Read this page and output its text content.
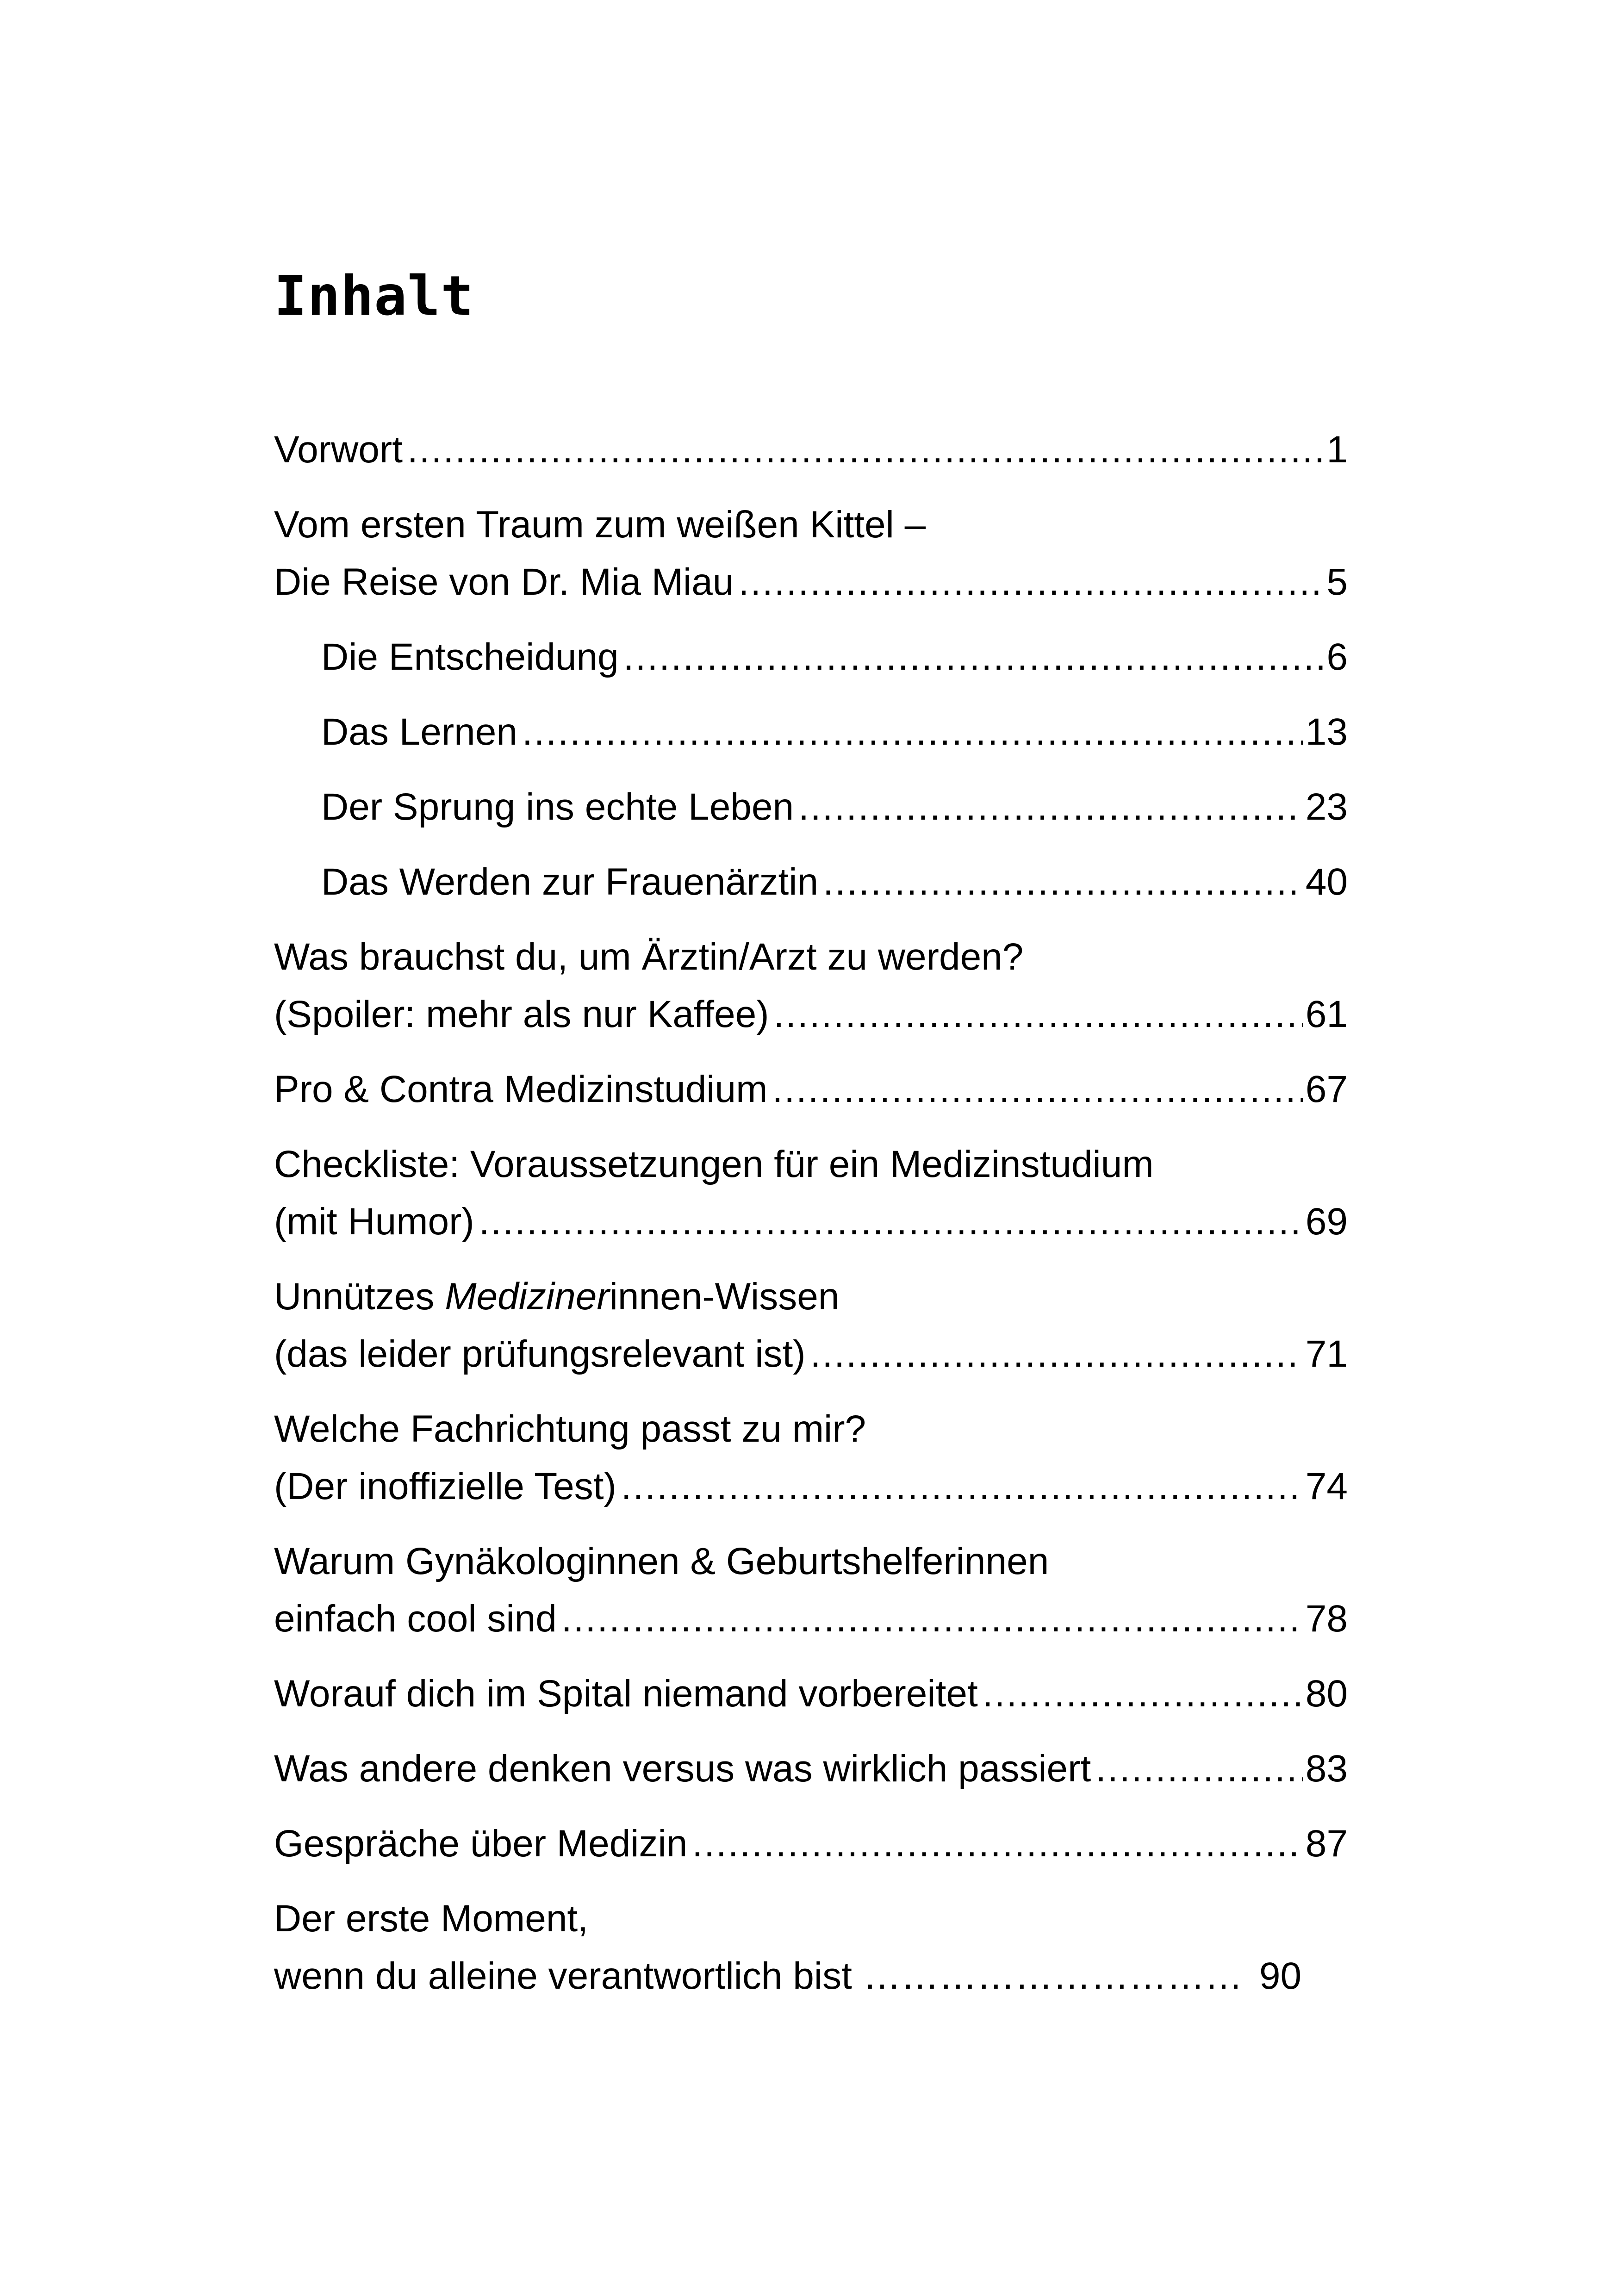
Inhalt
Vorwort .....	1
Vom ersten Traum zum weißen Kittel –
Die Reise von Dr. Mia Miau .....	5
Die Entscheidung .....	6
Das Lernen .....	13
Der Sprung ins echte Leben .....	23
Das Werden zur Frauenärztin .....	40
Was brauchst du, um Ärztin/Arzt zu werden?
(Spoiler: mehr als nur Kaffee) .....	61
Pro & Contra Medizinstudium .....	67
Checkliste: Voraussetzungen für ein Medizinstudium
(mit Humor) .....	69
Unnützes Medizinerinnen-Wissen
(das leider prüfungsrelevant ist) .....	71
Welche Fachrichtung passt zu mir?
(Der inoffizielle Test) .....	74
Warum Gynäkologinnen & Geburtshelferinnen
einfach cool sind .....	78
Worauf dich im Spital niemand vorbereitet .....	80
Was andere denken versus was wirklich passiert .....	83
Gespräche über Medizin .....	87
Der erste Moment,
wenn du alleine verantwortlich bist ……………………………………………………………………………………………………	90
